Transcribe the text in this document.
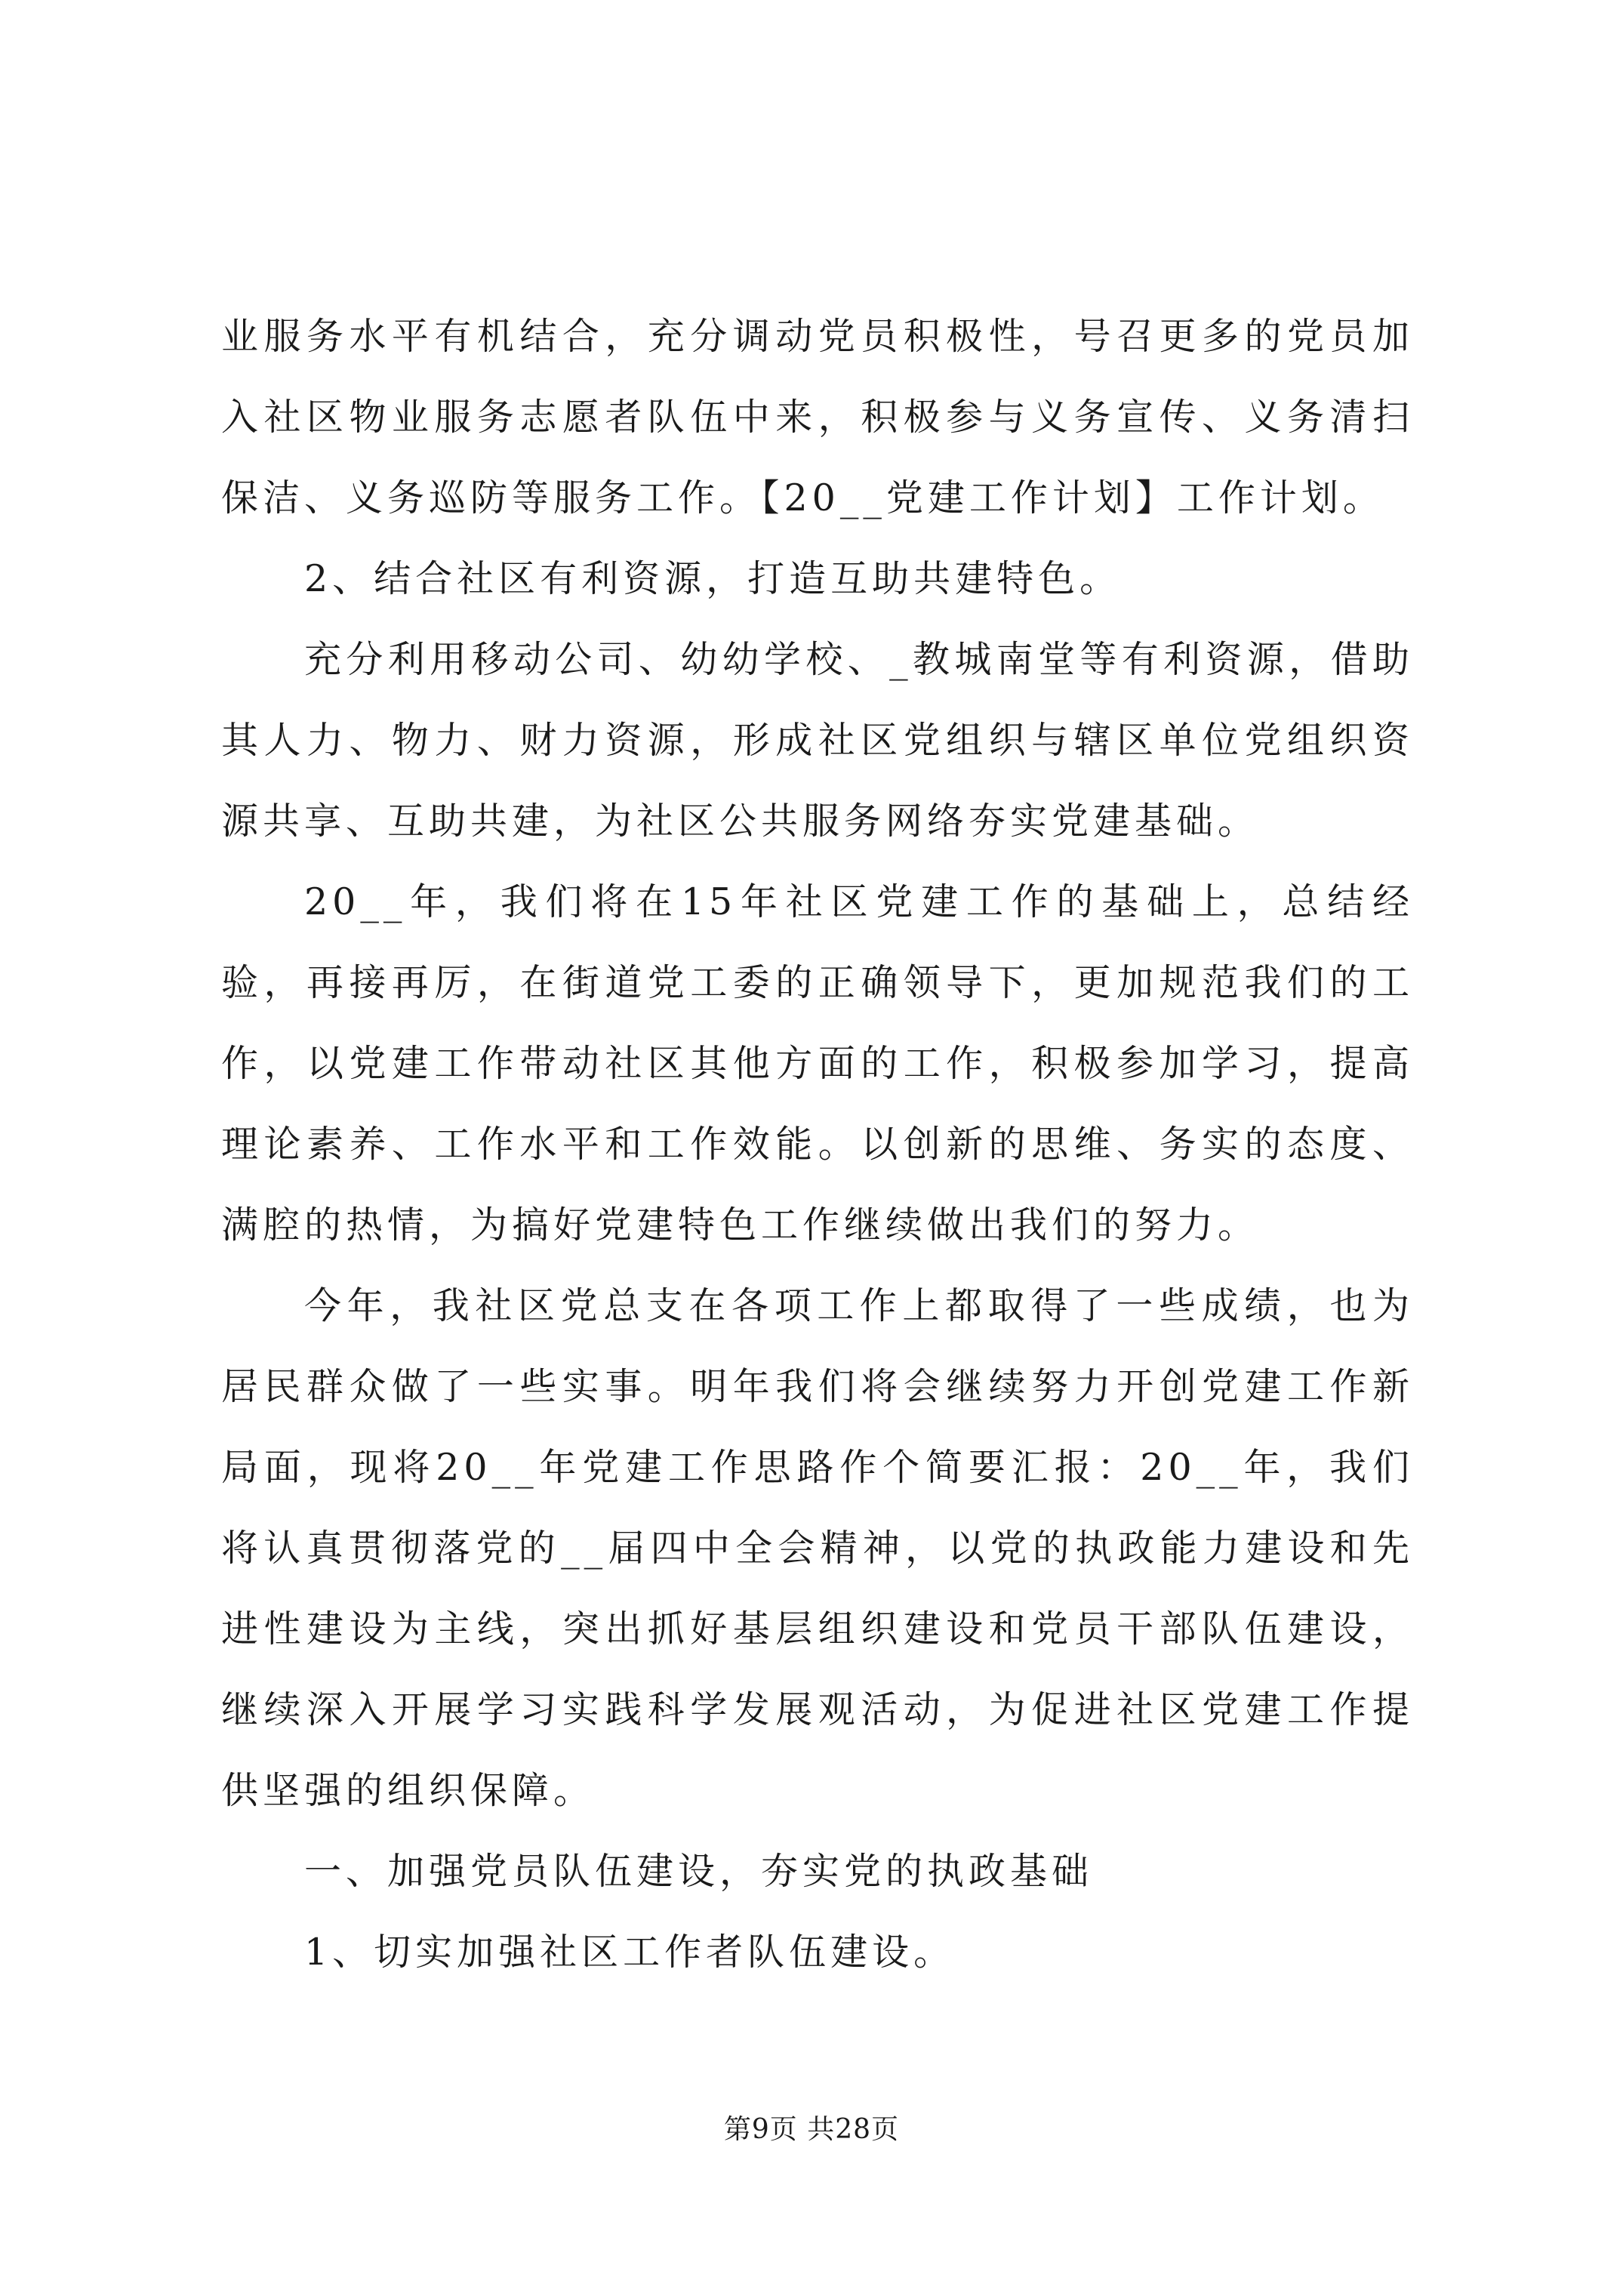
业服务水平有机结合，充分调动党员积极性，号召更多的党员加入社区物业服务志愿者队伍中来，积极参与义务宣传、义务清扫保洁、义务巡防等服务工作。【20__党建工作计划】工作计划。

2、结合社区有利资源，打造互助共建特色。

充分利用移动公司、幼幼学校、_教城南堂等有利资源，借助其人力、物力、财力资源，形成社区党组织与辖区单位党组织资源共享、互助共建，为社区公共服务网络夯实党建基础。

20__年，我们将在15年社区党建工作的基础上，总结经验，再接再厉，在街道党工委的正确领导下，更加规范我们的工作，以党建工作带动社区其他方面的工作，积极参加学习，提高理论素养、工作水平和工作效能。以创新的思维、务实的态度、满腔的热情，为搞好党建特色工作继续做出我们的努力。

今年，我社区党总支在各项工作上都取得了一些成绩，也为居民群众做了一些实事。明年我们将会继续努力开创党建工作新局面，现将20__年党建工作思路作个简要汇报：20__年，我们将认真贯彻落党的__届四中全会精神，以党的执政能力建设和先进性建设为主线，突出抓好基层组织建设和党员干部队伍建设，继续深入开展学习实践科学发展观活动，为促进社区党建工作提供坚强的组织保障。

一、加强党员队伍建设，夯实党的执政基础

1、切实加强社区工作者队伍建设。

第9页 共28页
